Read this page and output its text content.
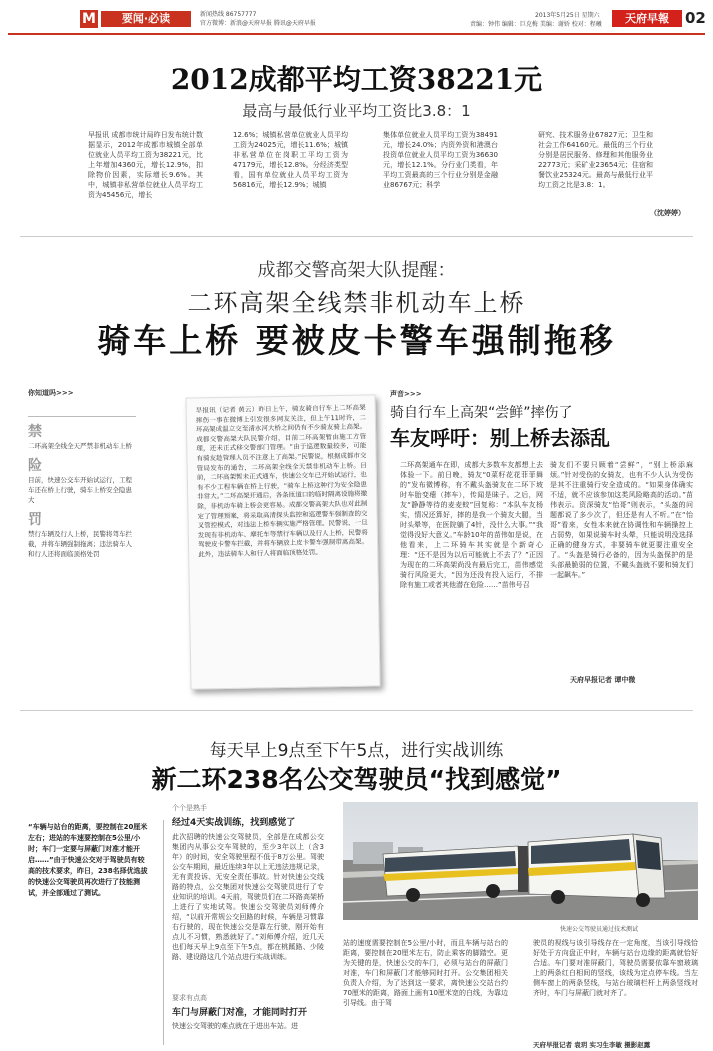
M	要闻·必读	新闻热线 86757777
官方微博：新浪@天府早报 腾讯@天府早报
2013年5月25日 星期六
责编：钟伟 编辑：巨克梅 美编：谢娇 校对：程曦	天府早報	02
2012成都平均工资38221元
最高与最低行业平均工资比3.8：1
早报讯 成都市统计局昨日发布统计数据显示，2012年成都市城镇全部单位就业人员平均工资为38221元，比上年增加4360元，增长12.9%，扣除物价因素，实际增长9.6%。其中，城镇非私营单位就业人员平均工资为45456元，增长
12.6%；城镇私营单位就业人员平均工资为24025元，增长11.6%；城镇非私营单位在岗职工平均工资为47179元，增长12.8%。分经济类型看，国有单位就业人员平均工资为56816元，增长12.9%；城镇
集体单位就业人员平均工资为38491元，增长24.0%；内资外资和港澳台投资单位就业人员平均工资为36630元，增长12.1%。分行业门类看，年平均工资最高的三个行业分别是金融业86767元；科学
研究、技术服务业67827元；卫生和社会工作64160元。最低的三个行业分别是居民服务、修理和其他服务业22773元；采矿业23654元；住宿和餐饮业25324元。最高与最低行业平均工资之比是3.8：1。
（沈婷婷）
成都交警高架大队提醒：
二环高架全线禁非机动车上桥
骑车上桥 要被皮卡警车强制拖移
你知道吗>>>
禁
二环高架全线全天严禁非机动车上桥
险
目前，快速公交车开始试运行，工程车还在桥上行驶，骑车上桥安全隐患大
罚
禁行车辆及行人上桥，民警将驾车拦截，并将车辆强制拖离；违法骑车人和行人还将面临顶格处罚
早报讯（记者 黄云）昨日上午，骑友骑自行车上二环高架摔伤一事在微博上引发很多网友关注，但上午11时许，二环高架成温立交至清水河大桥之间仍有不少骑友骑上高架。成都交警高架大队民警介绍，目前二环高架暂由施工方管理，还未正式移交警部门管理。“由于巡逻数量较多，可能有骑友趁管理人员不注意上了高架。”民警说，根据成都市交管局发布的通告，二环高架全线全天禁非机动车上桥。目前，二环高架暂未正式通车，快速公交车已开始试运行，也有不少工程车辆在桥上行驶，“骑车上桥这种行为安全隐患非常大。”二环高架开通后，各条匝道口的临时隔离设施将撤除，非机动车骑上桥会更容易。成都交警高架大队也对此制定了管理预案，将采取高清探头监控和巡逻警车强制查的交叉管控模式，对违法上桥车辆实施严格管理。民警说，一旦发现有非机动车、摩托车等禁行车辆以及行人上桥，民警将驾驶皮卡警车拦截，并将车辆放上皮卡警车强制带离高架。此外，违法骑车人和行人将面临顶格处罚。
声音>>>
骑自行车上高架“尝鲜”摔伤了
车友呼吁：别上桥去添乱
二环高架通车在即，成都大多数车友都想上去体验一下。前日晚，骑友“0菜籽花花菲菲舞的”发布微博称，有不戴头盔骑友在二环下坡时车胎变瘪（摔车），传闻是昧子。之后，网友“静静等待的麦麦蛟”回复称：“本队车友杨实，情况还算好，摔的是我一个骑友大腿，当时头晕等，在医院躺了4针，没什么大事。”“我觉得没好大意义。”车龄10年的苗伟如是说，在他看来，上二环骑车其实就是个新奇心理：“还不是因为以后可能就上不去了？”正因为现在的二环高架尚没有最后完工，苗伟感觉骑行风险更大，“因为还没有投入运行，不排除有施工或者其他潜在危险……”苗伟号召
骑友们不要只顾着“尝鲜”，“别上桥添麻烦。”针对受伤的女骑友，也有不少人认为受伤是其不注重骑行安全造成的。“如果身体确实不适，就不应该参加这类风险略高的活动。”苗伟表示。资深骑友“怡哥”则表示，“头盔的问题都说了多少次了，但还是有人不听。”在“怡哥”看来，女性本来就在协调性和车辆操控上占弱势，如果说骑车时头晕，只能说明没选择正确的健身方式，非要骑车就更要注重安全了。“头盔是骑行必备的，因为头盔保护的是头部最脆弱的位置，不戴头盔就不要和骑友们一起飙车。”
天府早报记者 谭中微
每天早上9点至下午5点，进行实战训练
新二环238名公交驾驶员“找到感觉”
“车辆与站台的距离，要控制在20厘米左右；进站的车速要控制在5公里/小时；车门一定要与屏蔽门对准才能开启……”由于快速公交对于驾驶员有较高的技术要求，昨日，238名择优选拔的快速公交驾驶员再次进行了技能测试，并全部通过了测试。
个个是熟手
经过4天实战训练，找到感觉了
此次招聘的快速公交驾驶员，全部是在成都公交集团内从事公交车驾驶的，至少3年以上（含3年）的时间，安全驾驶里程不低于8万公里。驾驶公交车期间，最近连续3年以上无违法违规记录，无有责投诉、无安全责任事故。针对快速公交线路的特点，公交集团对快速公交驾驶员进行了专业知识的培训。4天前，驾驶员们在二环路高架桥上进行了实地试驾。快速公交驾驶员刘师傅介绍，“以前开常规公交回路的时候，车辆是习惯靠右行驶的，现在快速公交是靠左行驶，刚开始有点儿不习惯，熟悉就好了。”刘师傅介绍，近几天也们每天早上9点至下午5点，都在桃蹊路、少陵路、建设路这几个站点进行实战训练。
要求有点高
车门与屏蔽门对准，才能同时打开
快速公交驾驶的难点就在于进出车站。进
快速公交驾驶员通过技术测试
站的速度需要控制在5公里/小时，而且车辆与站台的距离，要控制在20厘米左右，防止乘客的脚踏空。更为关键的是，快速公交的车门，必须与站台的屏蔽门对准，车门和屏蔽门才能够同时打开。公交集团相关负责人介绍，为了达到这一要求，离快速公交站台约70厘米的距离，路面上画有10厘米宽的白线，为靠边引导线。由于驾
驶员的视线与该引导线存在一定角度，当该引导线恰好处于方向盘正中时，车辆与站台边缘的距离就恰好合适。车门要对准屏蔽门，驾驶员需要依靠车窗玻璃上的两条红白相间的竖线，该线为定点停车线。当左侧车窗上的两条竖线，与站台玻璃栏杆上两条竖线对齐时，车门与屏蔽门就对齐了。
天府早报记者 袁玥 实习生李敏 摄影赵露
